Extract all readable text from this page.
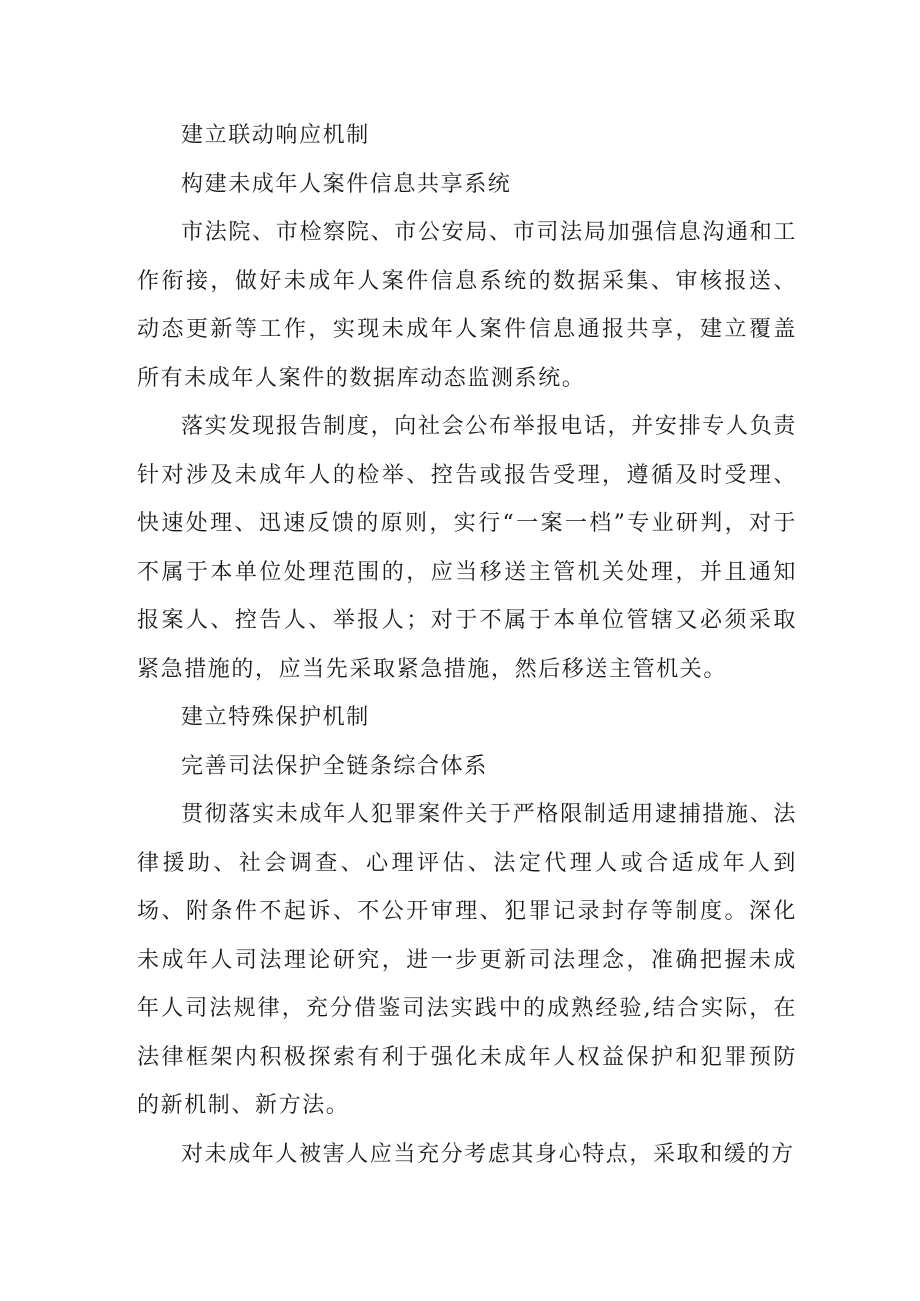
建立联动响应机制

构建未成年人案件信息共享系统

市法院、市检察院、市公安局、市司法局加强信息沟通和工作衔接，做好未成年人案件信息系统的数据采集、审核报送、动态更新等工作，实现未成年人案件信息通报共享，建立覆盖所有未成年人案件的数据库动态监测系统。

落实发现报告制度，向社会公布举报电话，并安排专人负责针对涉及未成年人的检举、控告或报告受理，遵循及时受理、快速处理、迅速反馈的原则，实行“一案一档”专业研判，对于不属于本单位处理范围的，应当移送主管机关处理，并且通知报案人、控告人、举报人；对于不属于本单位管辖又必须采取紧急措施的，应当先采取紧急措施，然后移送主管机关。

建立特殊保护机制

完善司法保护全链条综合体系

贯彻落实未成年人犯罪案件关于严格限制适用逮捕措施、法律援助、社会调查、心理评估、法定代理人或合适成年人到场、附条件不起诉、不公开审理、犯罪记录封存等制度。深化未成年人司法理论研究，进一步更新司法理念，准确把握未成年人司法规律，充分借鉴司法实践中的成熟经验,结合实际，在法律框架内积极探索有利于强化未成年人权益保护和犯罪预防的新机制、新方法。

对未成年人被害人应当充分考虑其身心特点，采取和缓的方
